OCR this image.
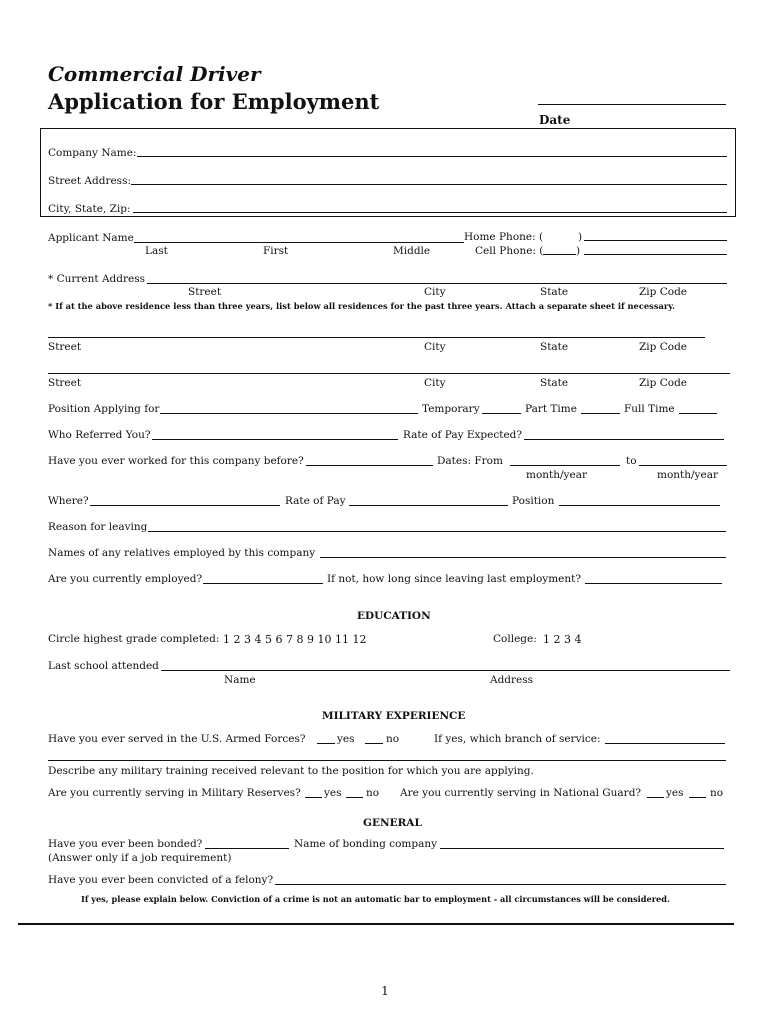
Commercial Driver
Application for Employment
Date
Company Name:
Street Address:
City, State, Zip:
Applicant Name
Last	First	Middle
Home Phone: (	)
Cell Phone: (	)
* Current Address
Street	City	State	Zip Code
* If at the above residence less than three years, list below all residences for the past three years. Attach a separate sheet if necessary.
Street	City	State	Zip Code
Street	City	State	Zip Code
Position Applying for	Temporary	Part Time	Full Time
Who Referred You?	Rate of Pay Expected?
Have you ever worked for this company before?	Dates: From	to
month/year	month/year
Where?	Rate of Pay	Position
Reason for leaving
Names of any relatives employed by this company
Are you currently employed?	If not, how long since leaving last employment?
EDUCATION
Circle highest grade completed: 1 2 3 4 5 6 7 8 9 10 11 12	College: 1 2 3 4
Last school attended
Name	Address
MILITARY EXPERIENCE
Have you ever served in the U.S. Armed Forces?	yes	no	If yes, which branch of service:
Describe any military training received relevant to the position for which you are applying.
Are you currently serving in Military Reserves? yes no Are you currently serving in National Guard? yes	no
GENERAL
Have you ever been bonded?	Name of bonding company
(Answer only if a job requirement)
Have you ever been convicted of a felony?
If yes, please explain below. Conviction of a crime is not an automatic bar to employment - all circumstances will be considered.
1
